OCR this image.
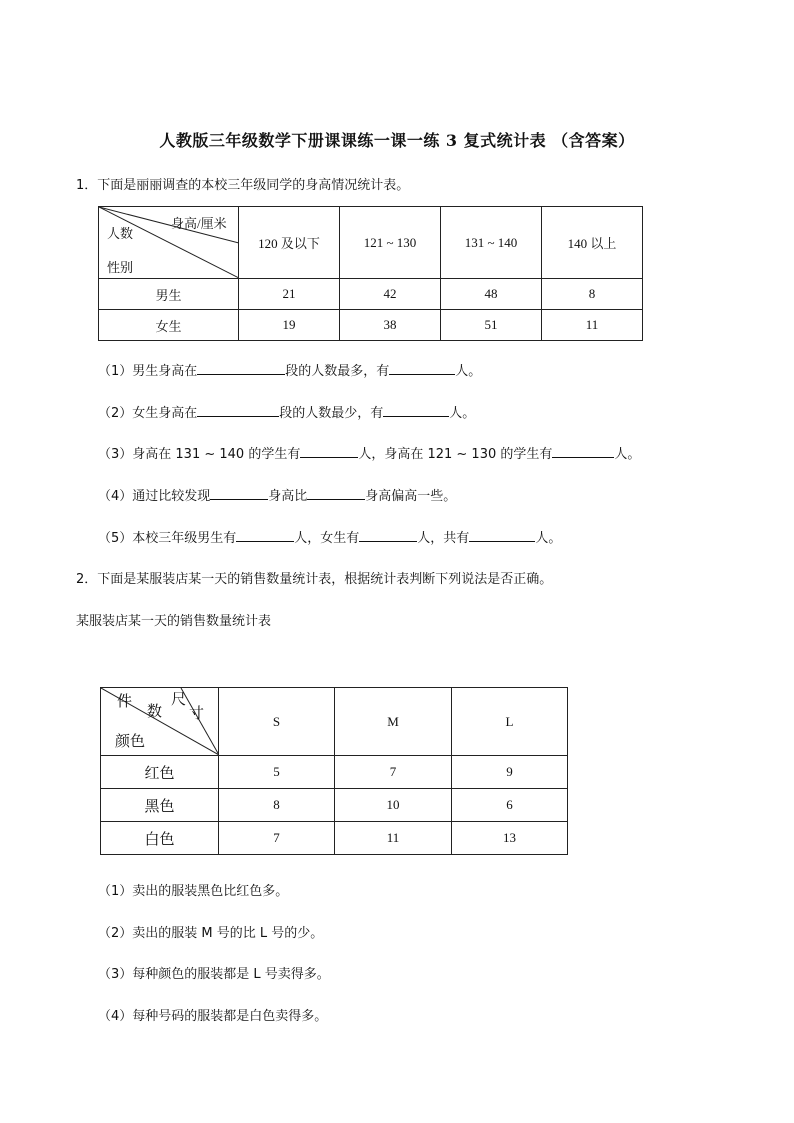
人教版三年级数学下册课课练一课一练 3 复式统计表 （含答案）
1．下面是丽丽调查的本校三年级同学的身高情况统计表。
身高/厘米
人数
性别	120 及以下	121 ~ 130	131 ~ 140	140 以上
男生	21	42	48	8
女生	19	38	51	11
（1）男生身高在	段的人数最多，有	人。
（2）女生身高在	段的人数最少，有	人。
（3）身高在 131 ~ 140 的学生有	人，身高在 121 ~ 130 的学生有	人。
（4）通过比较发现	身高比	身高偏高一些。
（5）本校三年级男生有	人，女生有	人，共有	人。
2．下面是某服装店某一天的销售数量统计表，根据统计表判断下列说法是否正确。
某服装店某一天的销售数量统计表
件
数
尺
寸
颜色	S	M	L
红色	5	7	9
黑色	8	10	6
白色	7	11	13
（1）卖出的服装黑色比红色多。
（2）卖出的服装 M 号的比 L 号的少。
（3）每种颜色的服装都是 L 号卖得多。
（4）每种号码的服装都是白色卖得多。
